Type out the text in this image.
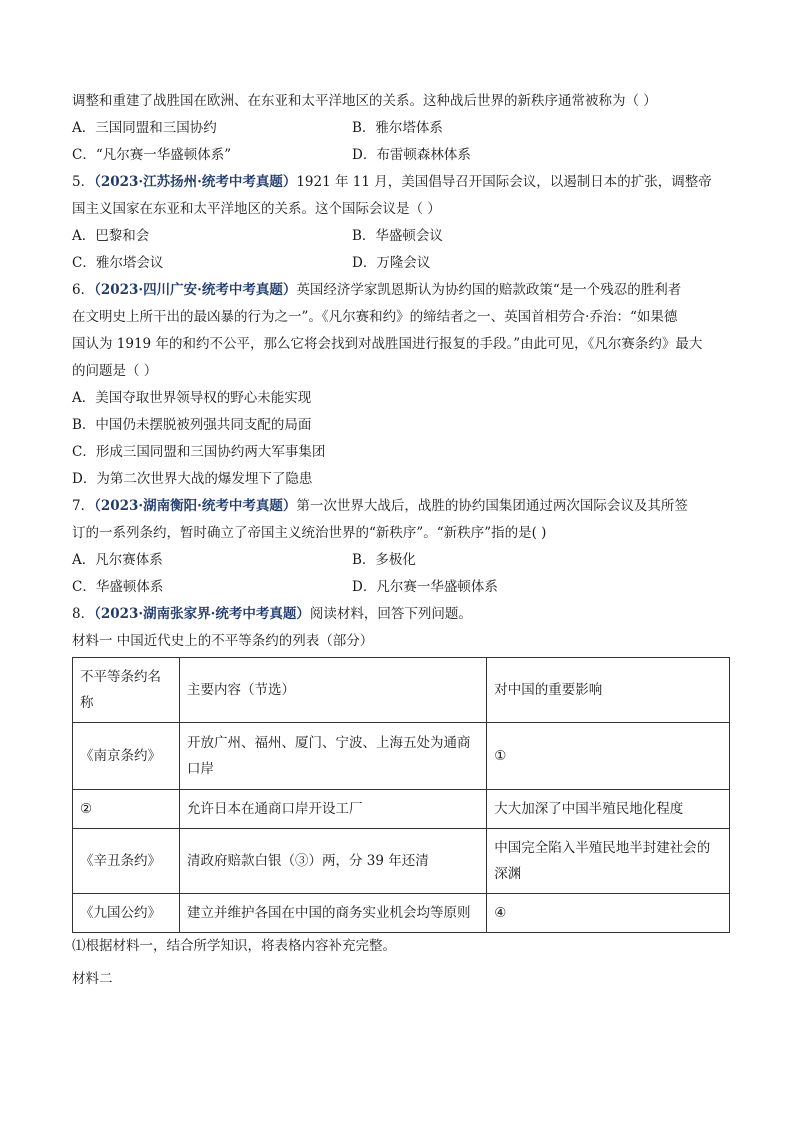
调整和重建了战胜国在欧洲、在东亚和太平洋地区的关系。这种战后世界的新秩序通常被称为（ ）
A．三国同盟和三国协约	B．雅尔塔体系
C．“凡尔赛一华盛顿体系”	D．布雷顿森林体系
5．（2023·江苏扬州·统考中考真题）1921 年 11 月，美国倡导召开国际会议，以遏制日本的扩张，调整帝
国主义国家在东亚和太平洋地区的关系。这个国际会议是（ ）
A．巴黎和会	B．华盛顿会议
C．雅尔塔会议	D．万隆会议
6．（2023·四川广安·统考中考真题）英国经济学家凯恩斯认为协约国的赔款政策“是一个残忍的胜利者
在文明史上所干出的最凶暴的行为之一”。《凡尔赛和约》的缔结者之一、英国首相劳合·乔治：“如果德
国认为 1919 年的和约不公平，那么它将会找到对战胜国进行报复的手段。”由此可见，《凡尔赛条约》最大
的问题是（ ）
A．美国夺取世界领导权的野心未能实现
B．中国仍未摆脱被列强共同支配的局面
C．形成三国同盟和三国协约两大军事集团
D．为第二次世界大战的爆发埋下了隐患
7．（2023·湖南衡阳·统考中考真题）第一次世界大战后，战胜的协约国集团通过两次国际会议及其所签
订的一系列条约，暂时确立了帝国主义统治世界的“新秩序”。“新秩序”指的是( )
A．凡尔赛体系	B．多极化
C．华盛顿体系	D．凡尔赛一华盛顿体系
8．（2023·湖南张家界·统考中考真题）阅读材料，回答下列问题。
材料一 中国近代史上的不平等条约的列表（部分）
不平等条约名称	主要内容（节选）	对中国的重要影响
《南京条约》	开放广州、福州、厦门、宁波、上海五处为通商口岸	①
②	允许日本在通商口岸开设工厂	大大加深了中国半殖民地化程度
《辛丑条约》	清政府赔款白银（③）两，分 39 年还清	中国完全陷入半殖民地半封建社会的深渊
《九国公约》	建立并维护各国在中国的商务实业机会均等原则	④
⑴根据材料一，结合所学知识，将表格内容补充完整。
材料二
